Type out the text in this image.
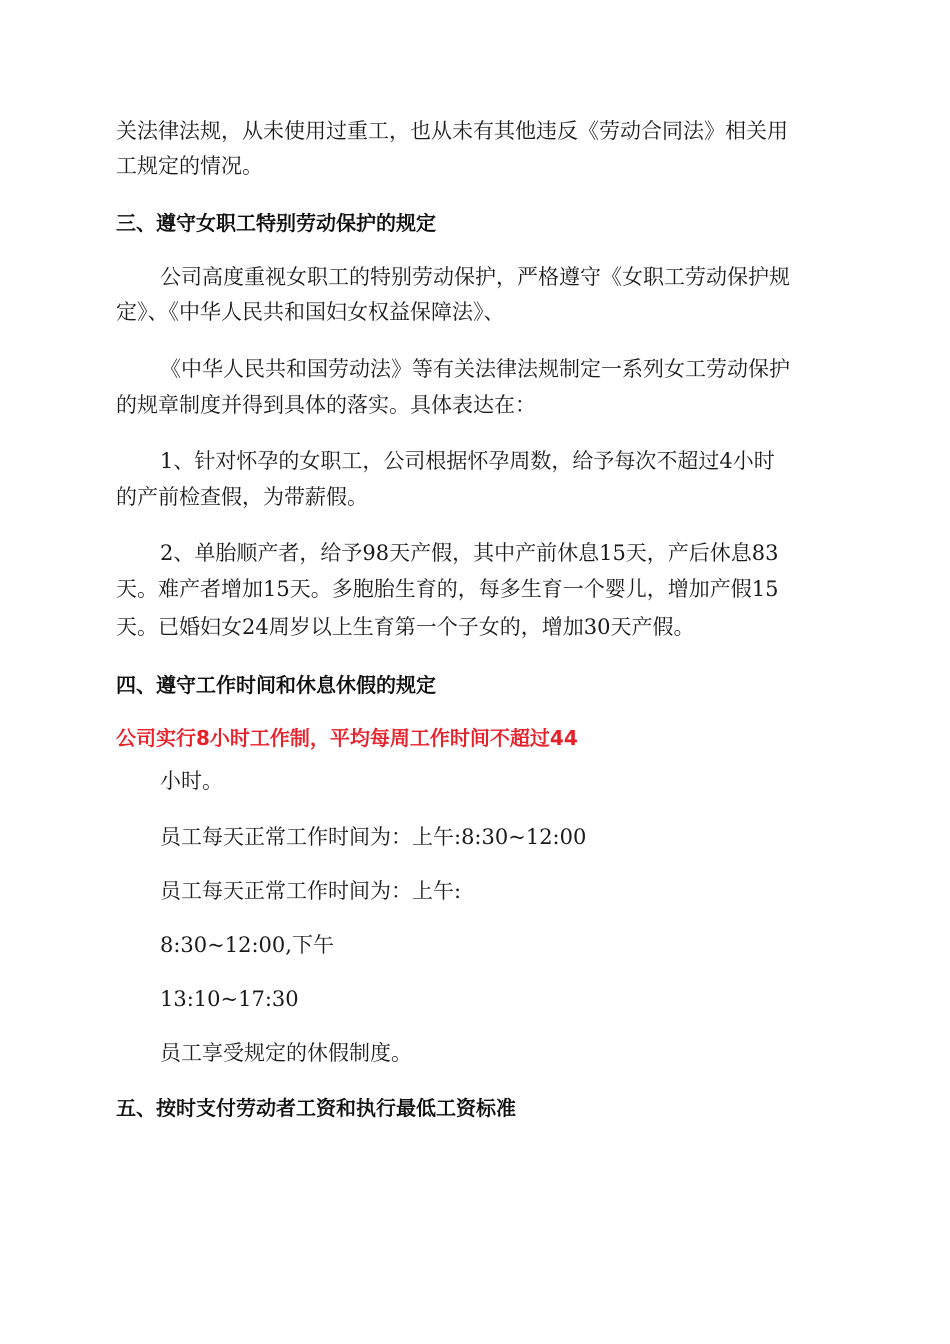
关法律法规，从未使用过重工，也从未有其他违反《劳动合同法》相关用
工规定的情况。
三、遵守女职工特别劳动保护的规定
公司高度重视女职工的特别劳动保护，严格遵守《女职工劳动保护规
定》、《中华人民共和国妇女权益保障法》、
《中华人民共和国劳动法》等有关法律法规制定一系列女工劳动保护
的规章制度并得到具体的落实。具体表达在：
1、针对怀孕的女职工，公司根据怀孕周数，给予每次不超过4小时
的产前检查假，为带薪假。
2、单胎顺产者，给予98天产假，其中产前休息15天，产后休息83
天。难产者增加15天。多胞胎生育的，每多生育一个婴儿，增加产假15
天。已婚妇女24周岁以上生育第一个子女的，增加30天产假。
四、遵守工作时间和休息休假的规定
公司实行8小时工作制，平均每周工作时间不超过44
小时。
员工每天正常工作时间为：上午:8:30~12:00
员工每天正常工作时间为：上午:
8:30~12:00,下午
13:10~17:30
员工享受规定的休假制度。
五、按时支付劳动者工资和执行最低工资标准
